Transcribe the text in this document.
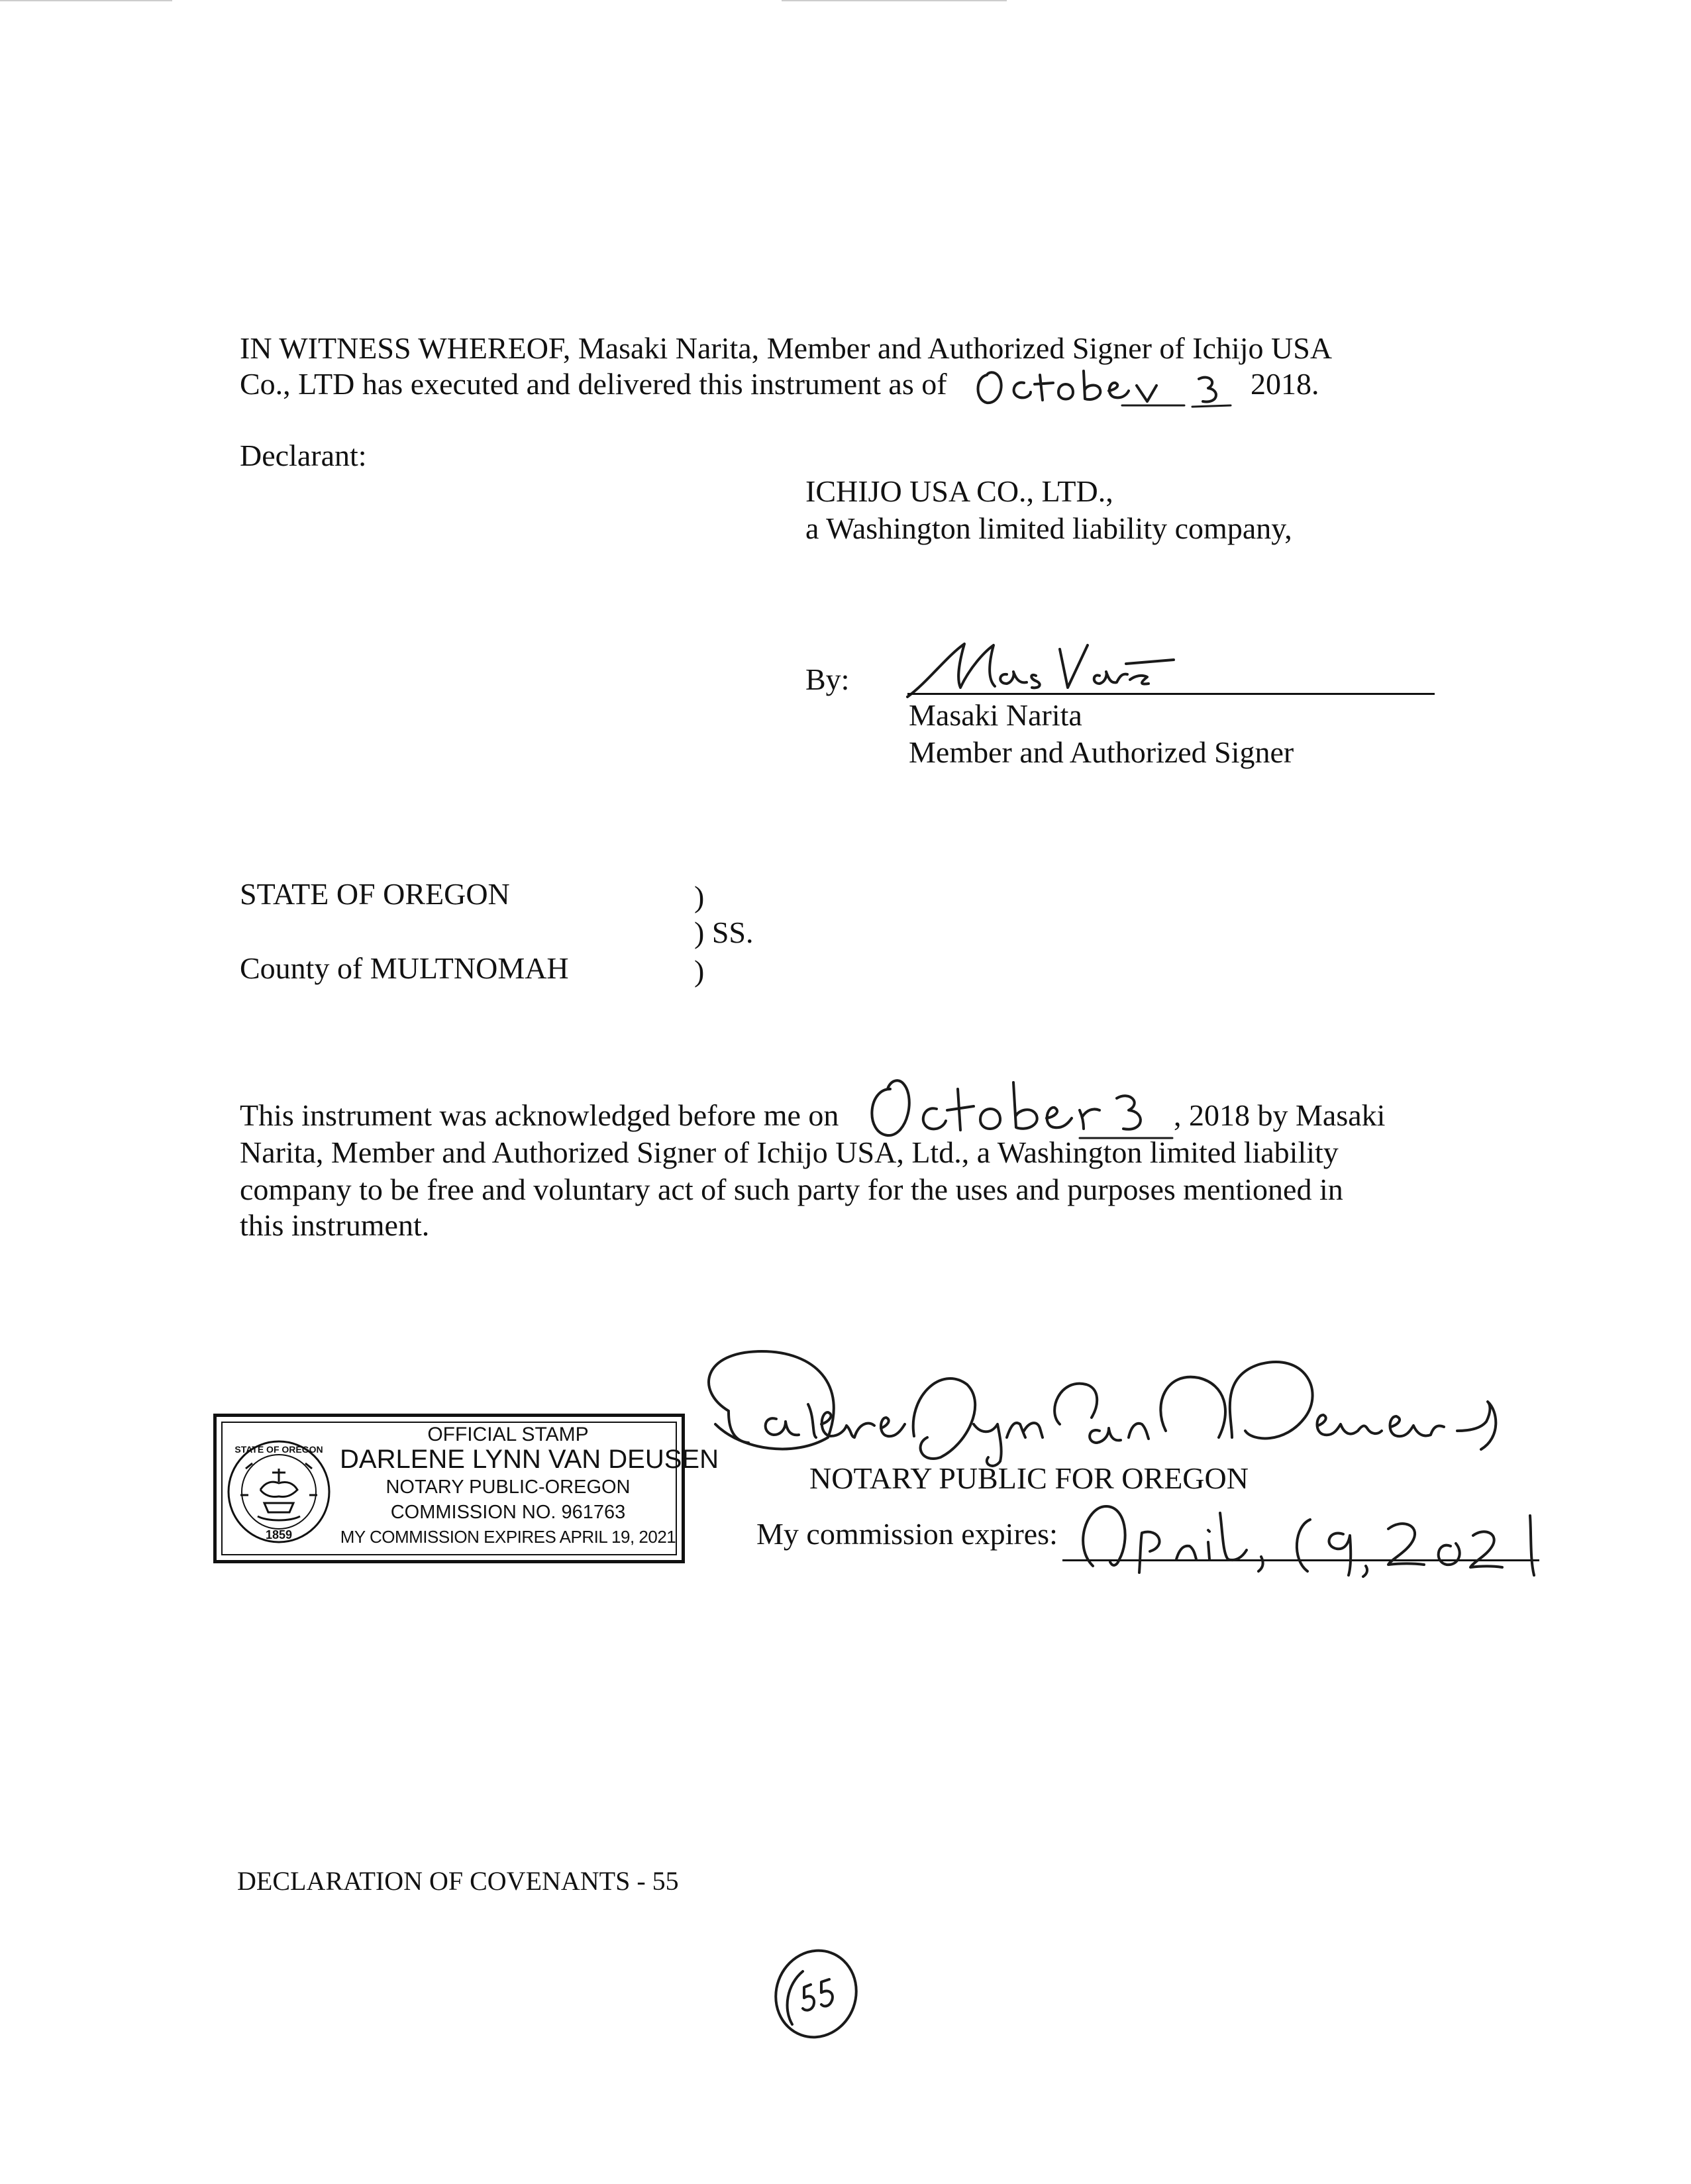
IN WITNESS WHEREOF, Masaki Narita, Member and Authorized Signer of Ichijo USA
Co., LTD has executed and delivered this instrument as of	2018.
Declarant:
ICHIJO USA CO., LTD.,
a Washington limited liability company,
By:
Masaki Narita
Member and Authorized Signer
STATE OF OREGON	)
) SS.
County of MULTNOMAH	)
This instrument was acknowledged before me on	, 2018 by Masaki
Narita, Member and Authorized Signer of Ichijo USA, Ltd., a Washington limited liability
company to be free and voluntary act of such party for the uses and purposes mentioned in
this instrument.
STATE OF OREGON
1859
OFFICIAL STAMP
DARLENE LYNN VAN DEUSEN
NOTARY PUBLIC-OREGON
COMMISSION NO. 961763
MY COMMISSION EXPIRES APRIL 19, 2021
NOTARY PUBLIC FOR OREGON
My commission expires:
DECLARATION OF COVENANTS - 55
